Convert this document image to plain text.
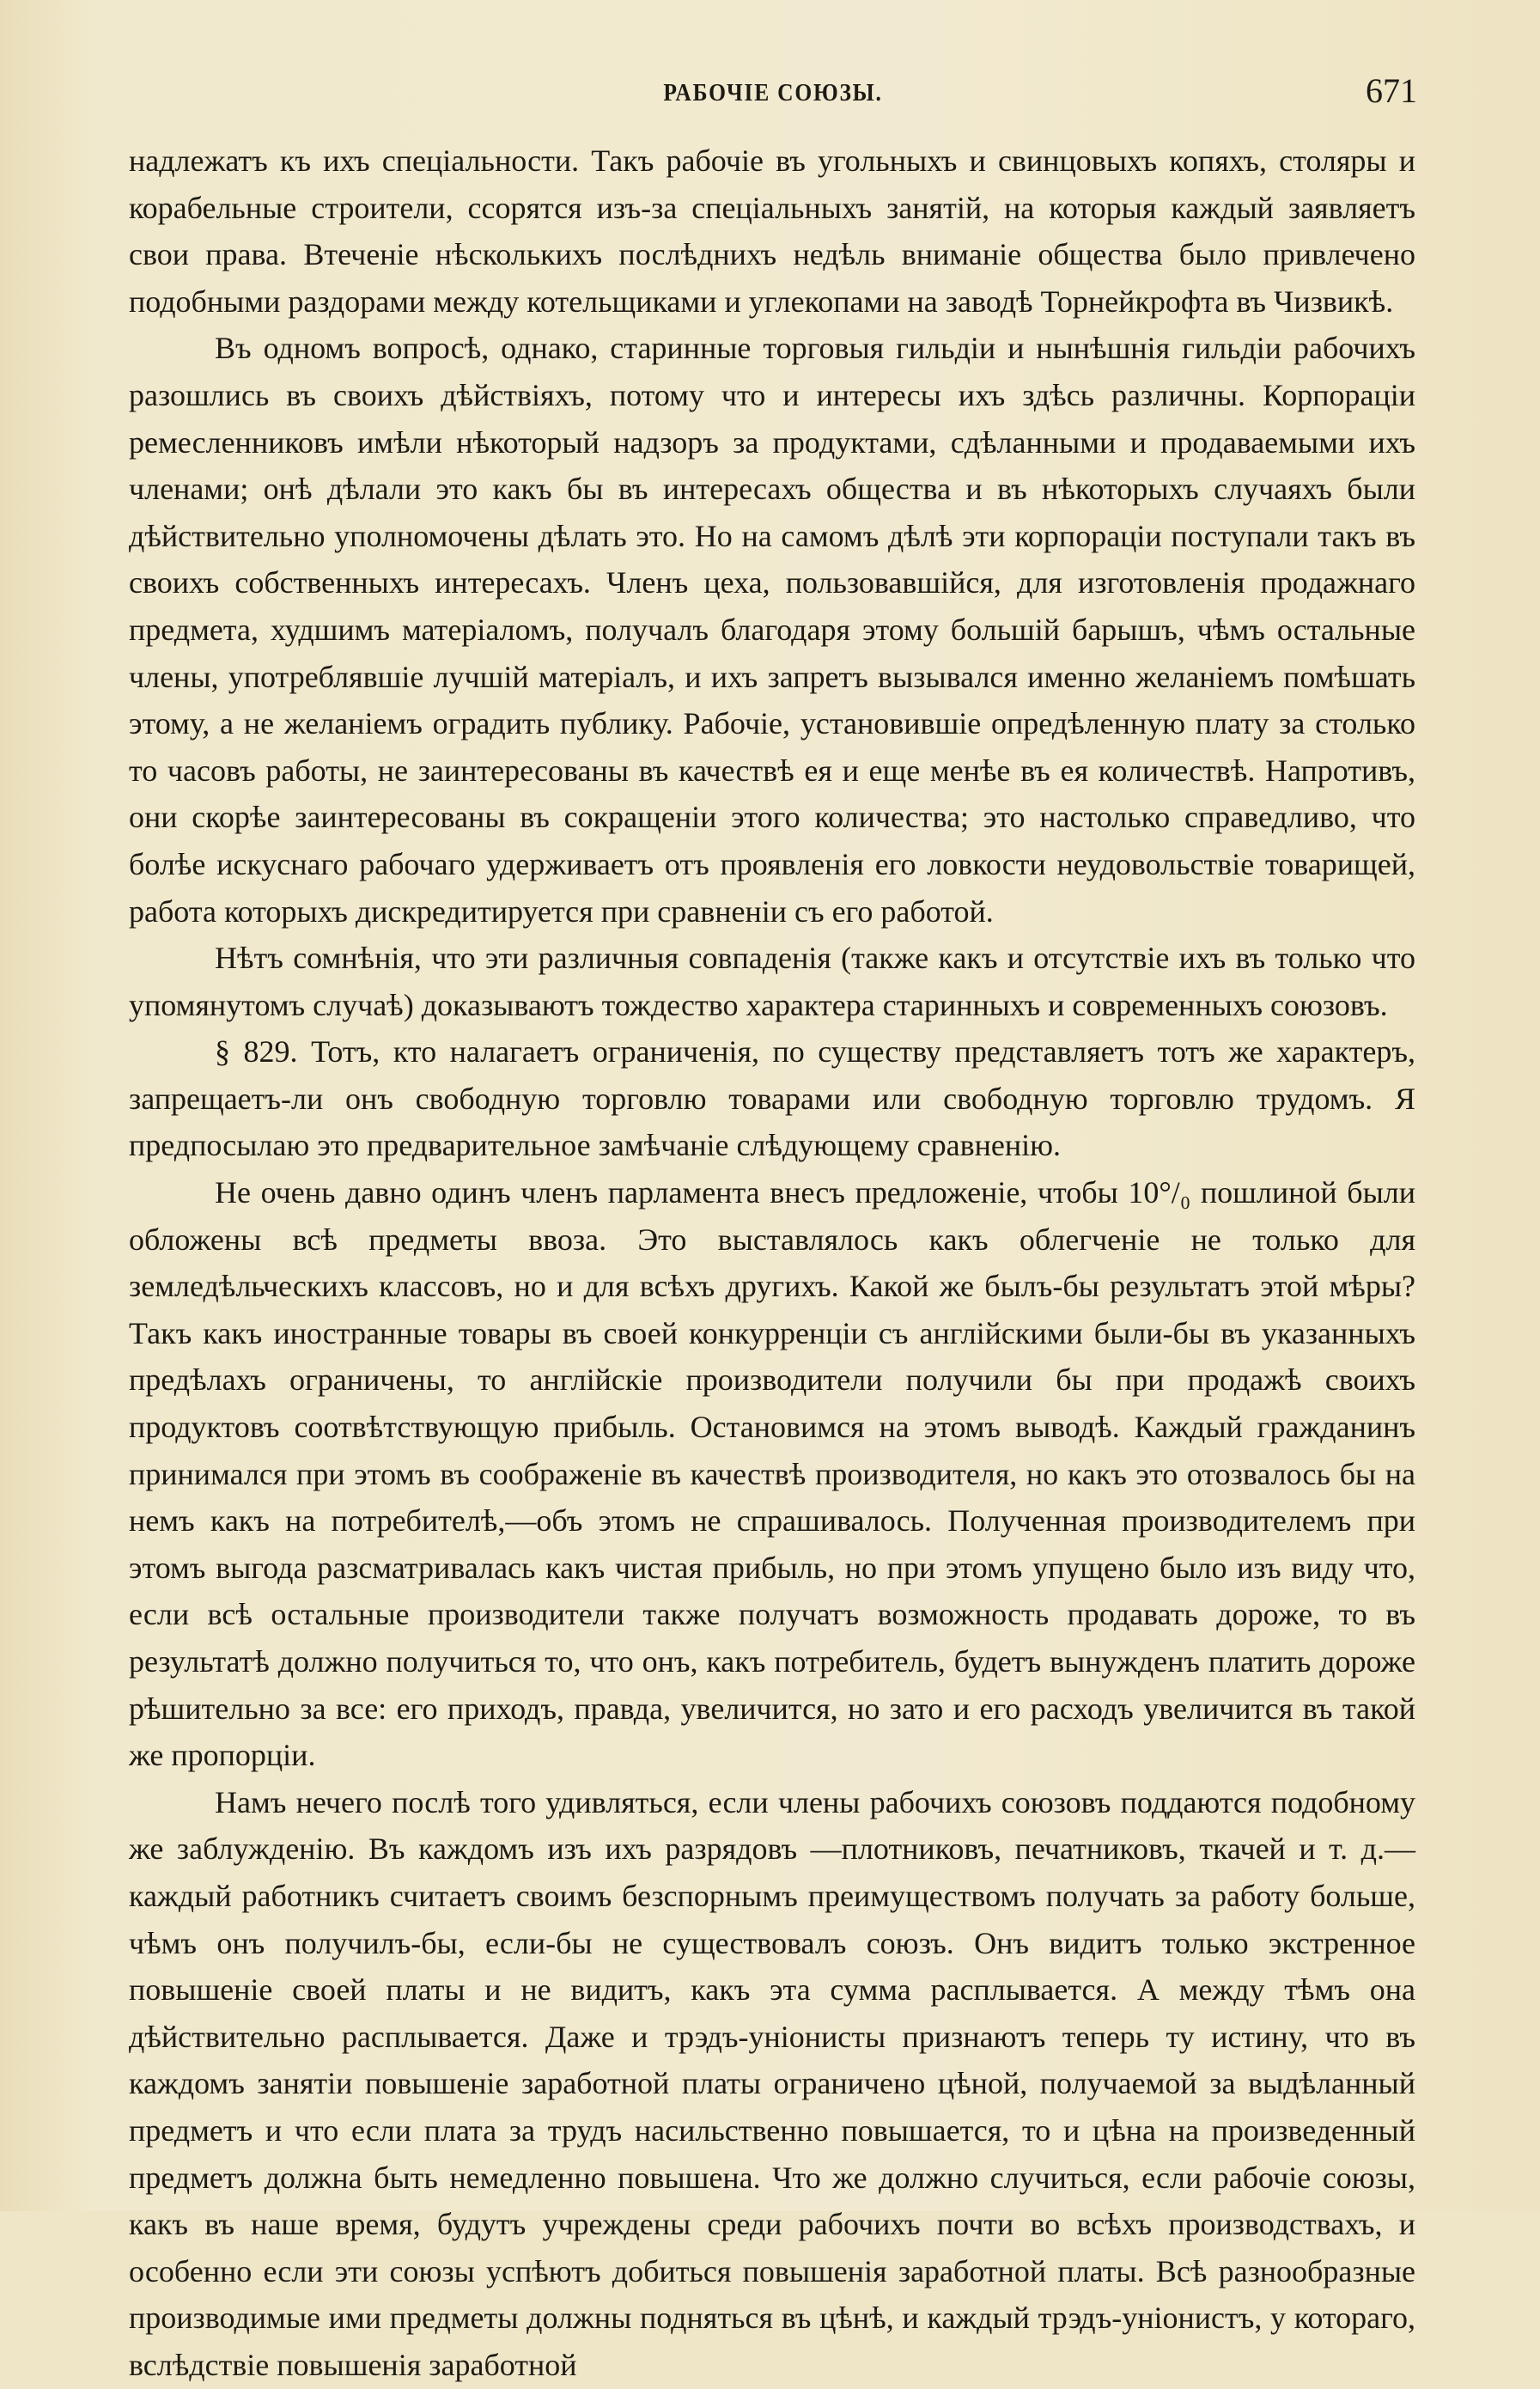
РАБОЧІЕ СОЮЗЫ.	671

надлежатъ къ ихъ спеціальности. Такъ рабочіе въ угольныхъ и свинцовыхъ копяхъ, столяры и корабельные строители, ссорятся изъ-за спеціальныхъ занятій, на которыя каждый заявляетъ свои права. Втеченіе нѣсколькихъ послѣднихъ недѣль вниманіе общества было привлечено подобными раздорами между котельщиками и углекопами на заводѣ Торнейкрофта въ Чизвикѣ.

Въ одномъ вопросѣ, однако, старинные торговыя гильдіи и нынѣшнія гильдіи рабочихъ разошлись въ своихъ дѣйствіяхъ, потому что и интересы ихъ здѣсь различны. Корпораціи ремесленниковъ имѣли нѣкоторый надзоръ за продуктами, сдѣланными и продаваемыми ихъ членами; онѣ дѣлали это какъ бы въ интересахъ общества и въ нѣкоторыхъ случаяхъ были дѣйствительно уполномочены дѣлать это. Но на самомъ дѣлѣ эти корпораціи поступали такъ въ своихъ собственныхъ интересахъ. Членъ цеха, пользовавшійся, для изготовленія продажнаго предмета, худшимъ матеріаломъ, получалъ благодаря этому большій барышъ, чѣмъ остальные члены, употреблявшіе лучшій матеріалъ, и ихъ запретъ вызывался именно желаніемъ помѣшать этому, а не желаніемъ оградить публику. Рабочіе, установившіе опредѣленную плату за столько то часовъ работы, не заинтересованы въ качествѣ ея и еще менѣе въ ея количествѣ. Напротивъ, они скорѣе заинтересованы въ сокращеніи этого количества; это настолько справедливо, что болѣе искуснаго рабочаго удерживаетъ отъ проявленія его ловкости неудовольствіе товарищей, работа которыхъ дискредитируется при сравненіи съ его работой.

Нѣтъ сомнѣнія, что эти различныя совпаденія (также какъ и отсутствіе ихъ въ только что упомянутомъ случаѣ) доказываютъ тождество характера старинныхъ и современныхъ союзовъ.

§ 829. Тотъ, кто налагаетъ ограниченія, по существу представляетъ тотъ же характеръ, запрещаетъ-ли онъ свободную торговлю товарами или свободную торговлю трудомъ. Я предпосылаю это предварительное замѣчаніе слѣдующему сравненію.

Не очень давно одинъ членъ парламента внесъ предложеніе, чтобы 10°/₀ пошлиной были обложены всѣ предметы ввоза. Это выставлялось какъ облегченіе не только для земледѣльческихъ классовъ, но и для всѣхъ другихъ. Какой же былъ-бы результатъ этой мѣры? Такъ какъ иностранные товары въ своей конкурренціи съ англійскими были-бы въ указанныхъ предѣлахъ ограничены, то англійскіе производители получили бы при продажѣ своихъ продуктовъ соотвѣтствующую прибыль. Остановимся на этомъ выводѣ. Каждый гражданинъ принимался при этомъ въ соображеніе въ качествѣ производителя, но какъ это отозвалось бы на немъ какъ на потребителѣ,—объ этомъ не спрашивалось. Полученная производителемъ при этомъ выгода разсматривалась какъ чистая прибыль, но при этомъ упущено было изъ виду что, если всѣ остальные производители также получатъ возможность продавать дороже, то въ результатѣ должно получиться то, что онъ, какъ потребитель, будетъ вынужденъ платить дороже рѣшительно за все: его приходъ, правда, увеличится, но зато и его расходъ увеличится въ такой же пропорціи.

Намъ нечего послѣ того удивляться, если члены рабочихъ союзовъ поддаются подобному же заблужденію. Въ каждомъ изъ ихъ разрядовъ —плотниковъ, печатниковъ, ткачей и т. д.—каждый работникъ считаетъ своимъ безспорнымъ преимуществомъ получать за работу больше, чѣмъ онъ получилъ-бы, если-бы не существовалъ союзъ. Онъ видитъ только экстренное повышеніе своей платы и не видитъ, какъ эта сумма расплывается. А между тѣмъ она дѣйствительно расплывается. Даже и трэдъ-уніонисты признаютъ теперь ту истину, что въ каждомъ занятіи повышеніе заработной платы ограничено цѣной, получаемой за выдѣланный предметъ и что если плата за трудъ насильственно повышается, то и цѣна на произведенный предметъ должна быть немедленно повышена. Что же должно случиться, если рабочіе союзы, какъ въ наше время, будутъ учреждены среди рабочихъ почти во всѣхъ производствахъ, и особенно если эти союзы успѣютъ добиться повышенія заработной платы. Всѣ разнообразные производимые ими предметы должны подняться въ цѣнѣ, и каждый трэдъ-уніонистъ, у котораго, вслѣдствіе повышенія заработной
